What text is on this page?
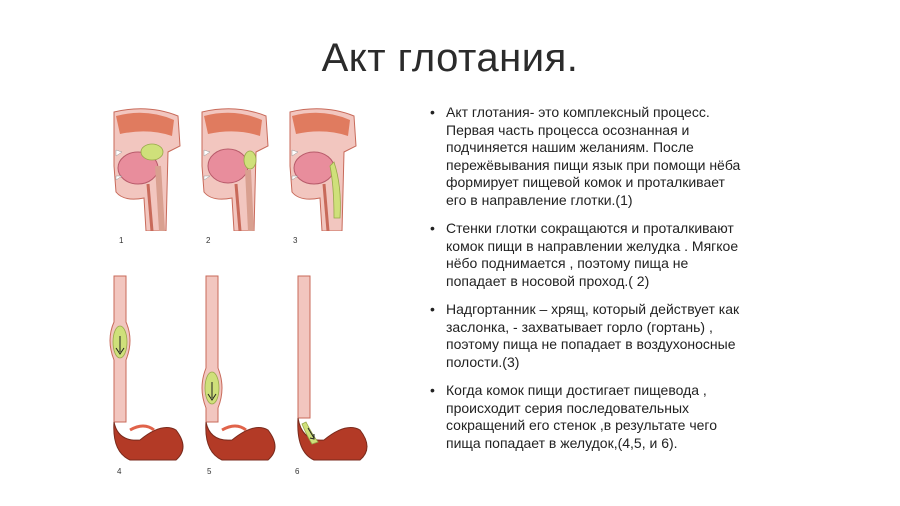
Акт глотания.
1	2	3
4	5	6
• Акт глотания- это комплексный процесс.
Первая часть процесса осознанная и
подчиняется нашим желаниям. После
пережёвывания пищи язык при помощи нёба
формирует пищевой комок и проталкивает
его в направление глотки.(1)
• Стенки глотки сокращаются и проталкивают
комок пищи в направлении желудка . Мягкое
нёбо поднимается , поэтому пища не
попадает в носовой проход.( 2)
• Надгортанник – хрящ, который действует как
заслонка, - захватывает горло (гортань) ,
поэтому пища не попадает в воздухоносные
полости.(3)
• Когда комок пищи достигает пищевода ,
происходит серия последовательных
сокращений его стенок ,в результате чего
пища попадает в желудок,(4,5, и 6).
